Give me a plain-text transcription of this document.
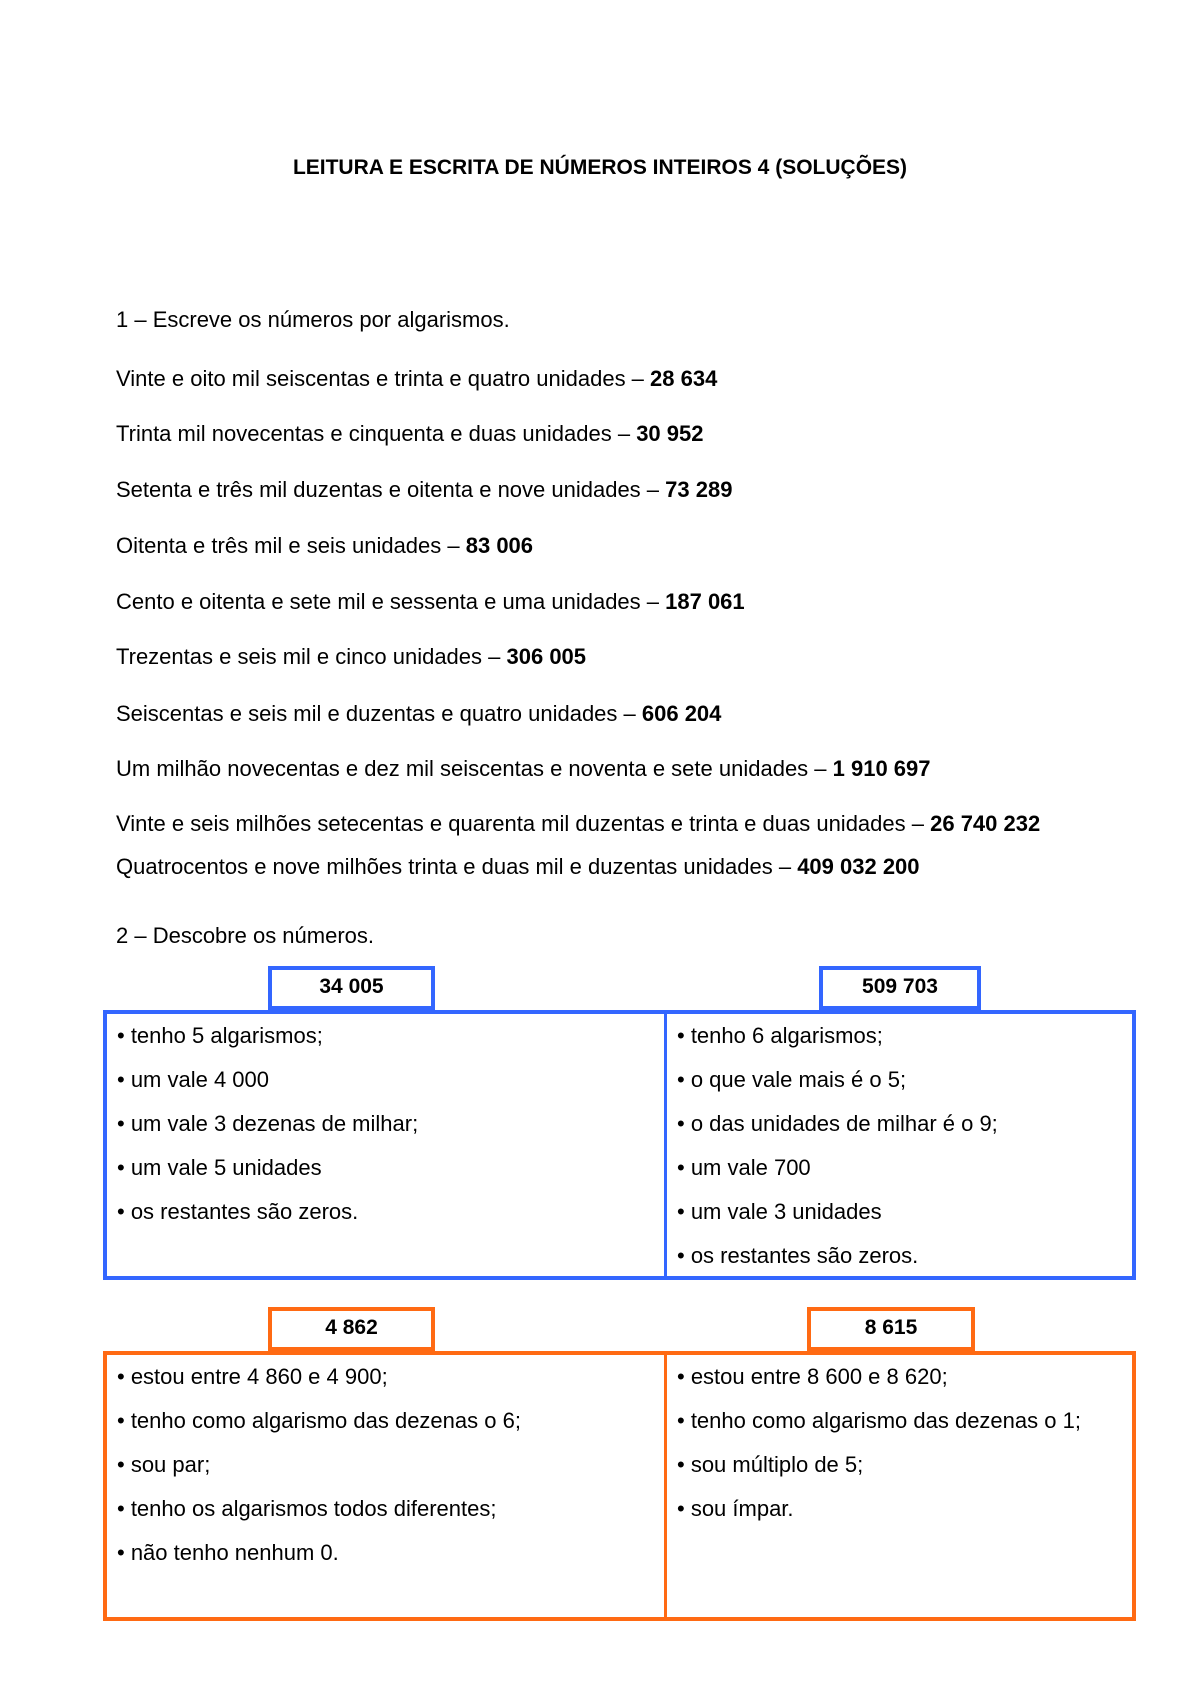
LEITURA E ESCRITA DE NÚMEROS INTEIROS 4 (SOLUÇÕES)
1 – Escreve os números por algarismos.
Vinte e oito mil seiscentas e trinta e quatro unidades – 28 634
Trinta mil novecentas e cinquenta e duas unidades – 30 952
Setenta e três mil duzentas e oitenta e nove unidades – 73 289
Oitenta e três mil e seis unidades – 83 006
Cento e oitenta e sete mil e sessenta e uma unidades – 187 061
Trezentas e seis mil e cinco unidades – 306 005
Seiscentas e seis mil e duzentas e quatro unidades – 606 204
Um milhão novecentas e dez mil seiscentas e noventa e sete unidades – 1 910 697
Vinte e seis milhões setecentas e quarenta mil duzentas e trinta e duas unidades – 26 740 232
Quatrocentos e nove milhões trinta e duas mil e duzentas unidades – 409 032 200
2 – Descobre os números.
34 005	509 703
• tenho 5 algarismos;
• um vale 4 000
• um vale 3 dezenas de milhar;
• um vale 5 unidades
• os restantes são zeros.
• tenho 6 algarismos;
• o que vale mais é o 5;
• o das unidades de milhar é o 9;
• um vale 700
• um vale 3 unidades
• os restantes são zeros.
4 862	8 615
• estou entre 4 860 e 4 900;
• tenho como algarismo das dezenas o 6;
• sou par;
• tenho os algarismos todos diferentes;
• não tenho nenhum 0.
• estou entre 8 600 e 8 620;
• tenho como algarismo das dezenas o 1;
• sou múltiplo de 5;
• sou ímpar.
